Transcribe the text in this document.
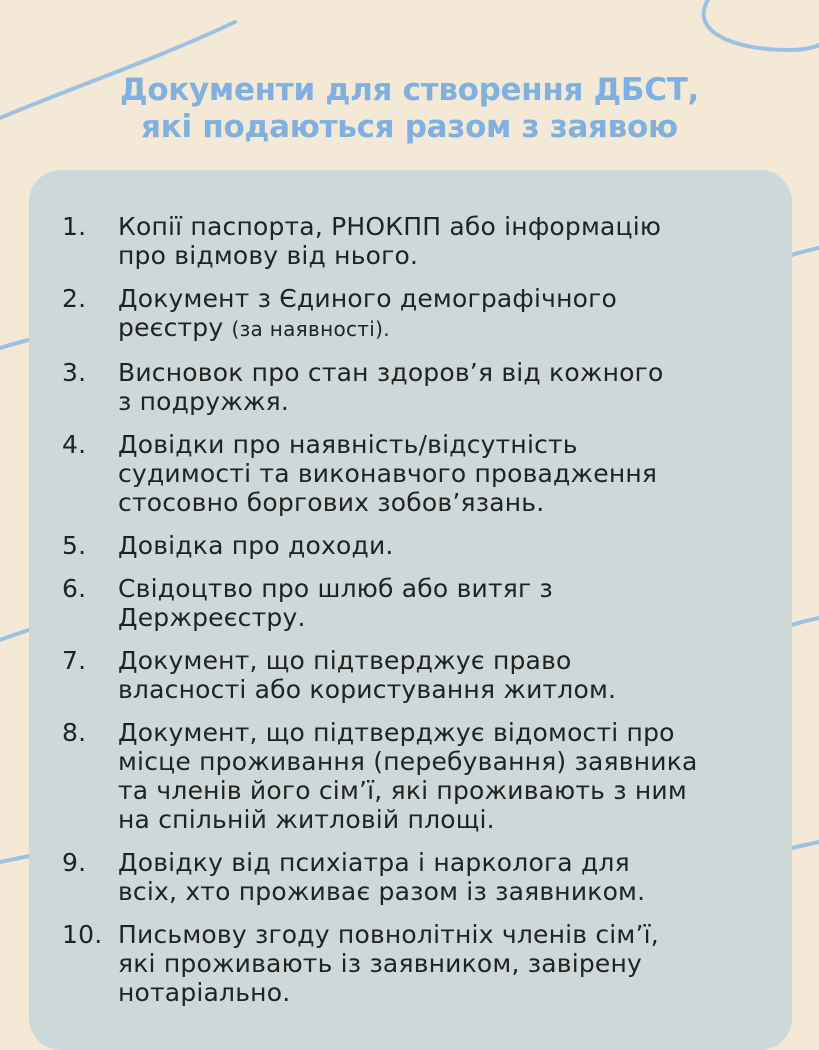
Документи для створення ДБСТ,
які подаються разом з заявою
1.	Копії паспорта, РНОКПП або інформацію
про відмову від нього.
2.	Документ з Єдиного демографічного
реєстру (за наявності).
3.	Висновок про стан здоров’я від кожного
з подружжя.
4.	Довідки про наявність/відсутність
судимості та виконавчого провадження
стосовно боргових зобов’язань.
5.	Довідка про доходи.
6.	Свідоцтво про шлюб або витяг з
Держреєстру.
7.	Документ, що підтверджує право
власності або користування житлом.
8.	Документ, що підтверджує відомості про
місце проживання (перебування) заявника
та членів його сім’ї, які проживають з ним
на спільній житловій площі.
9.	Довідку від психіатра і нарколога для
всіх, хто проживає разом із заявником.
10. Письмову згоду повнолітніх членів сім’ї,
які проживають із заявником, завірену
нотаріально.
